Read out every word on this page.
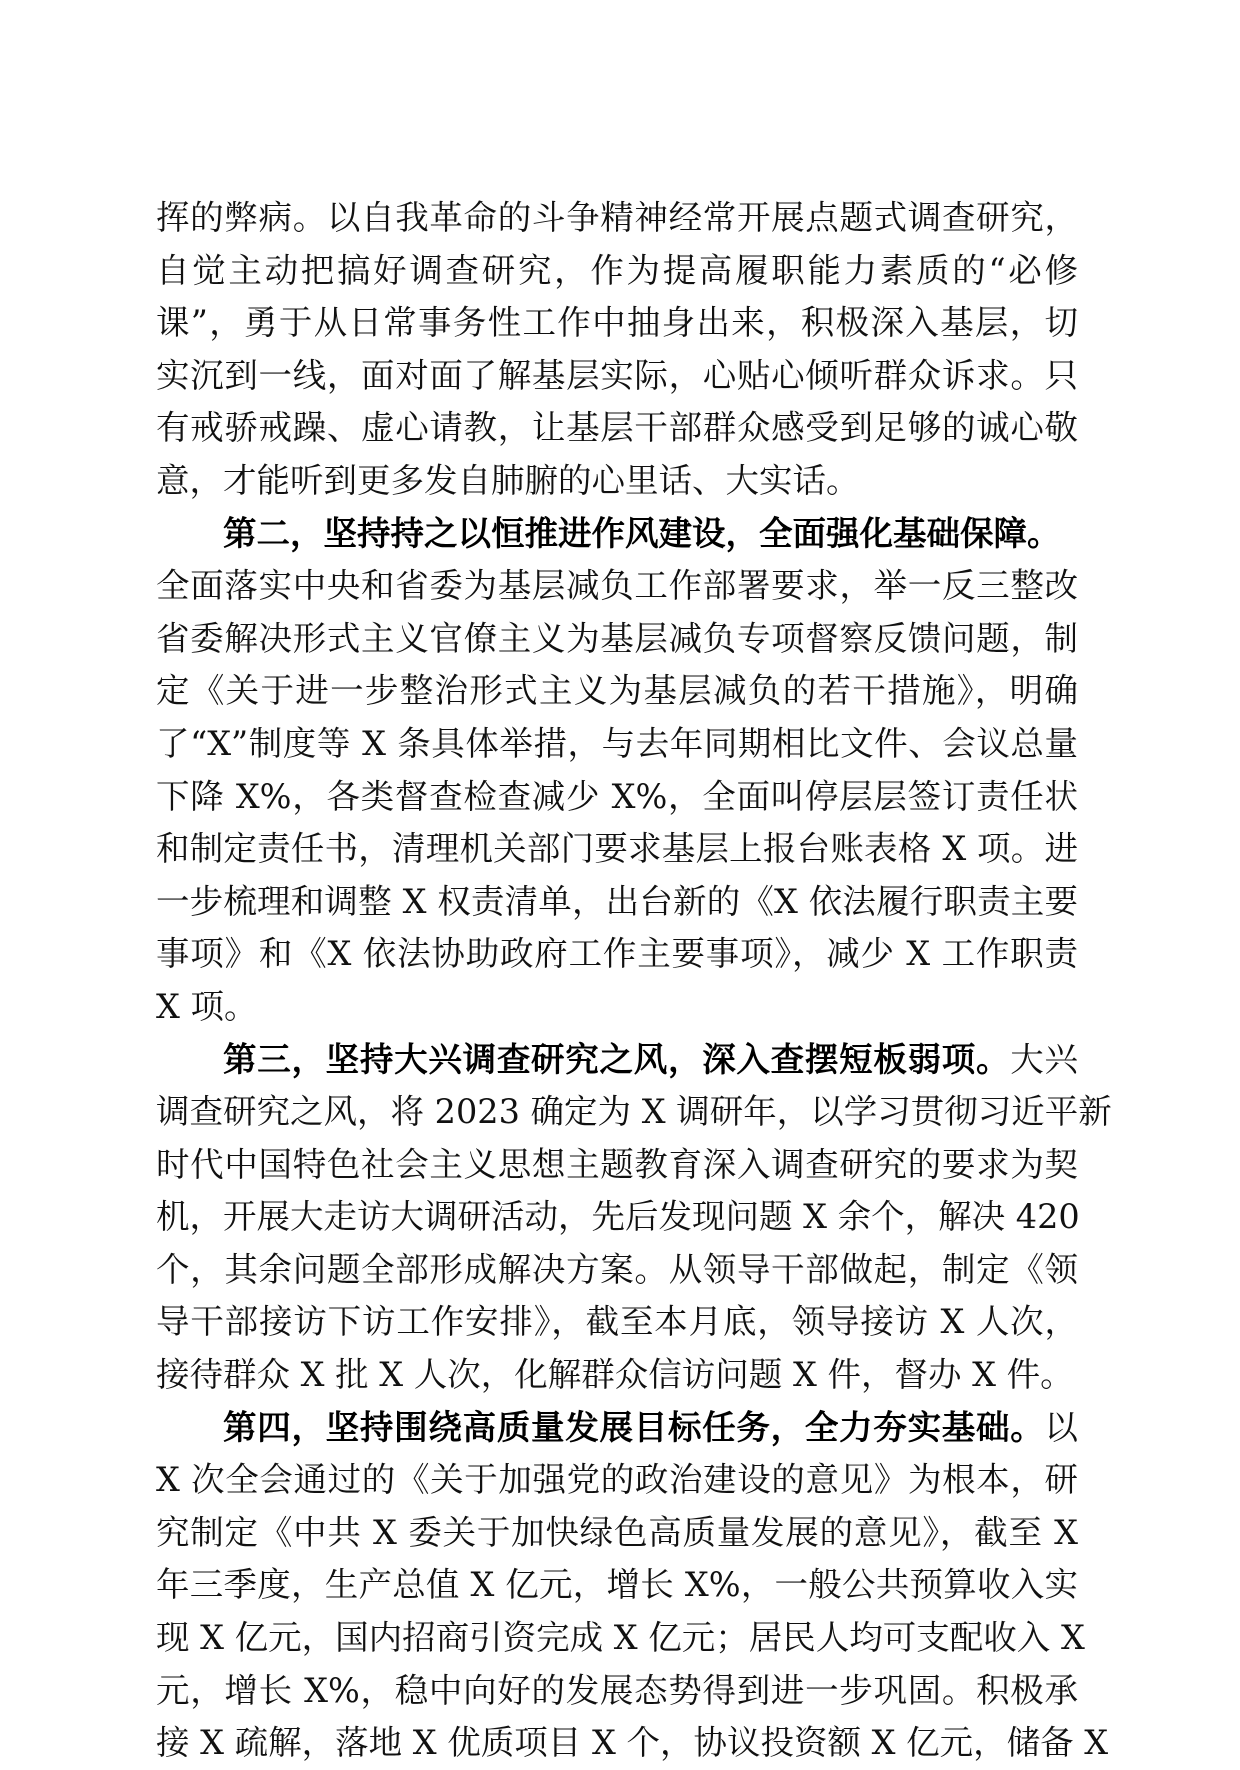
挥的弊病。以自我革命的斗争精神经常开展点题式调查研究，
自觉主动把搞好调查研究，作为提高履职能力素质的“必修
课”，勇于从日常事务性工作中抽身出来，积极深入基层，切
实沉到一线，面对面了解基层实际，心贴心倾听群众诉求。只
有戒骄戒躁、虚心请教，让基层干部群众感受到足够的诚心敬
意，才能听到更多发自肺腑的心里话、大实话。
第二，坚持持之以恒推进作风建设，全面强化基础保障。
全面落实中央和省委为基层减负工作部署要求，举一反三整改
省委解决形式主义官僚主义为基层减负专项督察反馈问题，制
定《关于进一步整治形式主义为基层减负的若干措施》，明确
了“X”制度等 X 条具体举措，与去年同期相比文件、会议总量
下降 X%，各类督查检查减少 X%，全面叫停层层签订责任状
和制定责任书，清理机关部门要求基层上报台账表格 X 项。进
一步梳理和调整 X 权责清单，出台新的《X 依法履行职责主要
事项》和《X 依法协助政府工作主要事项》，减少 X 工作职责
X 项。
第三，坚持大兴调查研究之风，深入查摆短板弱项。大兴
调查研究之风，将 2023 确定为 X 调研年，以学习贯彻习近平新
时代中国特色社会主义思想主题教育深入调查研究的要求为契
机，开展大走访大调研活动，先后发现问题 X 余个，解决 420
个，其余问题全部形成解决方案。从领导干部做起，制定《领
导干部接访下访工作安排》，截至本月底，领导接访 X 人次，
接待群众 X 批 X 人次，化解群众信访问题 X 件，督办 X 件。
第四，坚持围绕高质量发展目标任务，全力夯实基础。以
X 次全会通过的《关于加强党的政治建设的意见》为根本，研
究制定《中共 X 委关于加快绿色高质量发展的意见》，截至 X
年三季度，生产总值 X 亿元，增长 X%，一般公共预算收入实
现 X 亿元，国内招商引资完成 X 亿元；居民人均可支配收入 X
元，增长 X%，稳中向好的发展态势得到进一步巩固。积极承
接 X 疏解，落地 X 优质项目 X 个，协议投资额 X 亿元，储备 X
